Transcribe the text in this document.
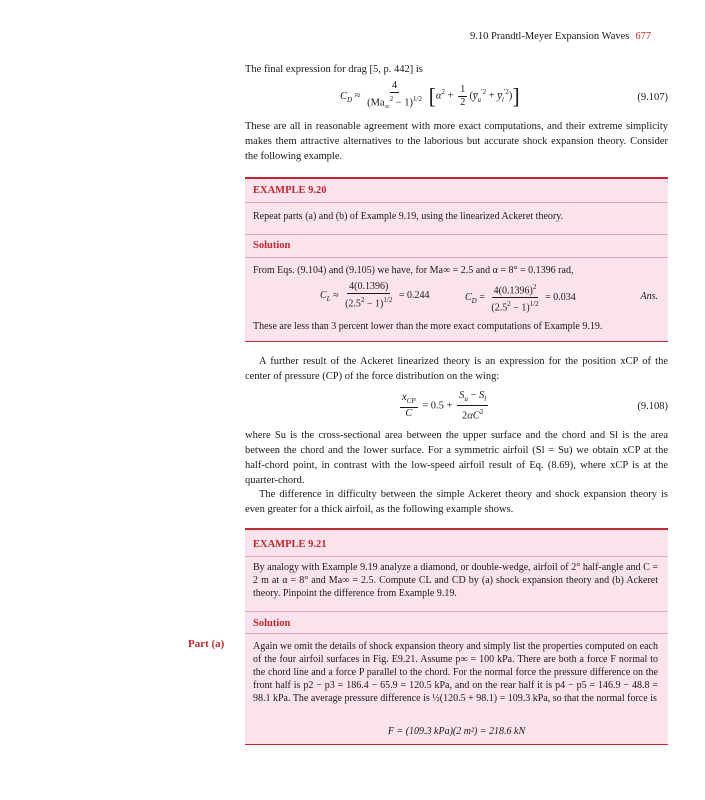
9.10 Prandtl-Meyer Expansion Waves 677
The final expression for drag [5, p. 442] is
$C_D \approx \frac{4}{(Ma_\infty^2 - 1)^{1/2}} [\alpha^2 + \frac{1}{2}$ ($y̅_u^{'2}$ + $y̅_l^{'2}$)]	(9.107)
These are all in reasonable agreement with more exact computations, and their extreme simplicity makes them attractive alternatives to the laborious but accurate shock expansion theory. Consider the following example.
EXAMPLE 9.20
Repeat parts (a) and (b) of Example 9.19, using the linearized Ackeret theory.
Solution
From Eqs. (9.104) and (9.105) we have, for Ma∞ = 2.5 and α = 8° = 0.1396 rad,
$C_L \approx \frac{4(0.1396)}{(2.5^2 - 1)^{1/2}} = 0.244$	$C_D = \frac{4(0.1396)^2}{(2.5^2 - 1)^{1/2}} = 0.034$	Ans.
These are less than 3 percent lower than the more exact computations of Example 9.19.
A further result of the Ackeret linearized theory is an expression for the position xCP of the center of pressure (CP) of the force distribution on the wing:
$\frac{x_{CP}}{C} = 0.5 + \frac{S_u - S_l}{2\alpha C^2}$	(9.108)
where Su is the cross-sectional area between the upper surface and the chord and Sl is the area between the chord and the lower surface. For a symmetric airfoil (Sl = Su) we obtain xCP at the half-chord point, in contrast with the low-speed airfoil result of Eq. (8.69), where xCP is at the quarter-chord.
The difference in difficulty between the simple Ackeret theory and shock expansion theory is even greater for a thick airfoil, as the following example shows.
EXAMPLE 9.21
By analogy with Example 9.19 analyze a diamond, or double-wedge, airfoil of 2° half-angle and C = 2 m at α = 8° and Ma∞ = 2.5. Compute CL and CD by (a) shock expansion theory and (b) Ackeret theory. Pinpoint the difference from Example 9.19.
Solution
Again we omit the details of shock expansion theory and simply list the properties computed on each of the four airfoil surfaces in Fig. E9.21. Assume p∞ = 100 kPa. There are both a force F normal to the chord line and a force P parallel to the chord. For the normal force the pressure difference on the front half is p2 − p3 = 186.4 − 65.9 = 120.5 kPa, and on the rear half it is p4 − p5 = 146.9 − 48.8 = 98.1 kPa. The average pressure difference is ½(120.5 + 98.1) = 109.3 kPa, so that the normal force is
F = (109.3 kPa)(2 m²) = 218.6 kN
Part (a)
